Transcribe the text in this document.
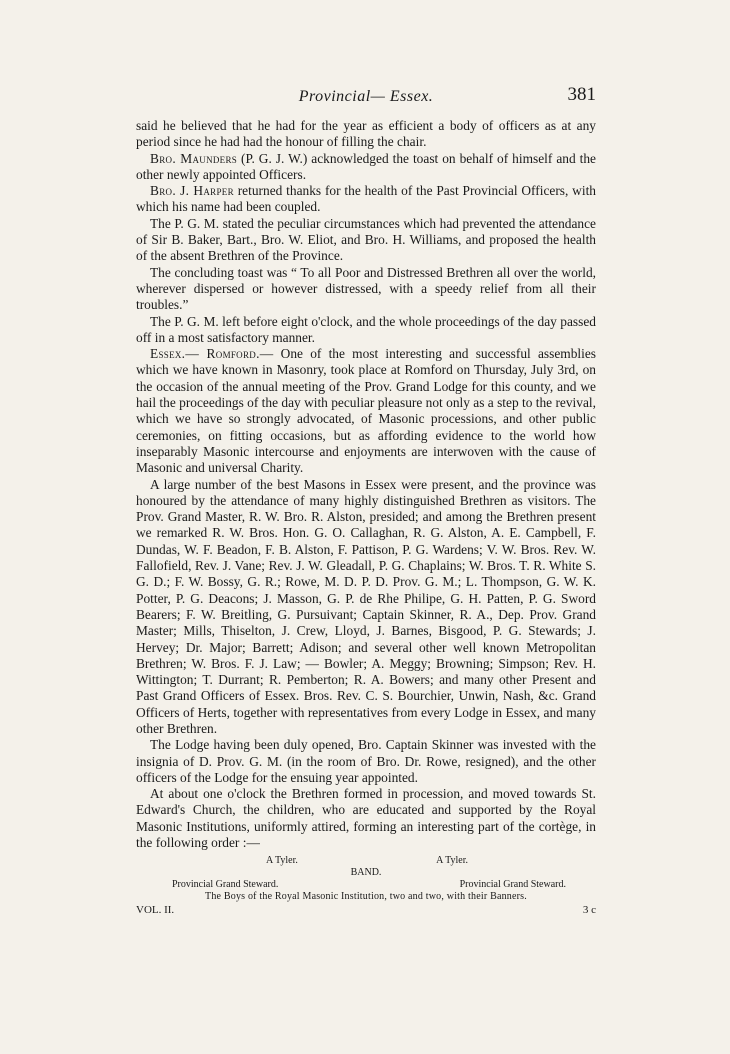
Provincial— Essex.	381

said he believed that he had for the year as efficient a body of officers as at any period since he had had the honour of filling the chair.

Bro. Maunders (P. G. J. W.) acknowledged the toast on behalf of himself and the other newly appointed Officers.

Bro. J. Harper returned thanks for the health of the Past Provincial Officers, with which his name had been coupled.

The P. G. M. stated the peculiar circumstances which had prevented the attendance of Sir B. Baker, Bart., Bro. W. Eliot, and Bro. H. Williams, and proposed the health of the absent Brethren of the Province.

The concluding toast was “ To all Poor and Distressed Brethren all over the world, wherever dispersed or however distressed, with a speedy relief from all their troubles.”

The P. G. M. left before eight o'clock, and the whole proceedings of the day passed off in a most satisfactory manner.

Essex.— Romford.— One of the most interesting and successful assemblies which we have known in Masonry, took place at Romford on Thursday, July 3rd, on the occasion of the annual meeting of the Prov. Grand Lodge for this county, and we hail the proceedings of the day with peculiar pleasure not only as a step to the revival, which we have so strongly advocated, of Masonic processions, and other public ceremonies, on fitting occasions, but as affording evidence to the world how inseparably Masonic intercourse and enjoyments are interwoven with the cause of Masonic and universal Charity.

A large number of the best Masons in Essex were present, and the province was honoured by the attendance of many highly distinguished Brethren as visitors. The Prov. Grand Master, R. W. Bro. R. Alston, presided; and among the Brethren present we remarked R. W. Bros. Hon. G. O. Callaghan, R. G. Alston, A. E. Campbell, F. Dundas, W. F. Beadon, F. B. Alston, F. Pattison, P. G. Wardens; V. W. Bros. Rev. W. Fallofield, Rev. J. Vane; Rev. J. W. Gleadall, P. G. Chaplains; W. Bros. T. R. White S. G. D.; F. W. Bossy, G. R.; Rowe, M. D. P. D. Prov. G. M.; L. Thompson, G. W. K. Potter, P. G. Deacons; J. Masson, G. P. de Rhe Philipe, G. H. Patten, P. G. Sword Bearers; F. W. Breitling, G. Pursuivant; Captain Skinner, R. A., Dep. Prov. Grand Master; Mills, Thiselton, J. Crew, Lloyd, J. Barnes, Bisgood, P. G. Stewards; J. Hervey; Dr. Major; Barrett; Adison; and several other well known Metropolitan Brethren; W. Bros. F. J. Law; — Bowler; A. Meggy; Browning; Simpson; Rev. H. Wittington; T. Durrant; R. Pemberton; R. A. Bowers; and many other Present and Past Grand Officers of Essex. Bros. Rev. C. S. Bourchier, Unwin, Nash, &c. Grand Officers of Herts, together with representatives from every Lodge in Essex, and many other Brethren.

The Lodge having been duly opened, Bro. Captain Skinner was invested with the insignia of D. Prov. G. M. (in the room of Bro. Dr. Rowe, resigned), and the other officers of the Lodge for the ensuing year appointed.

At about one o'clock the Brethren formed in procession, and moved towards St. Edward's Church, the children, who are educated and supported by the Royal Masonic Institutions, uniformly attired, forming an interesting part of the cortège, in the following order :—

A Tyler.	A Tyler.
BAND.
Provincial Grand Steward.	Provincial Grand Steward.
The Boys of the Royal Masonic Institution, two and two, with their Banners.
VOL. II.	3 c
